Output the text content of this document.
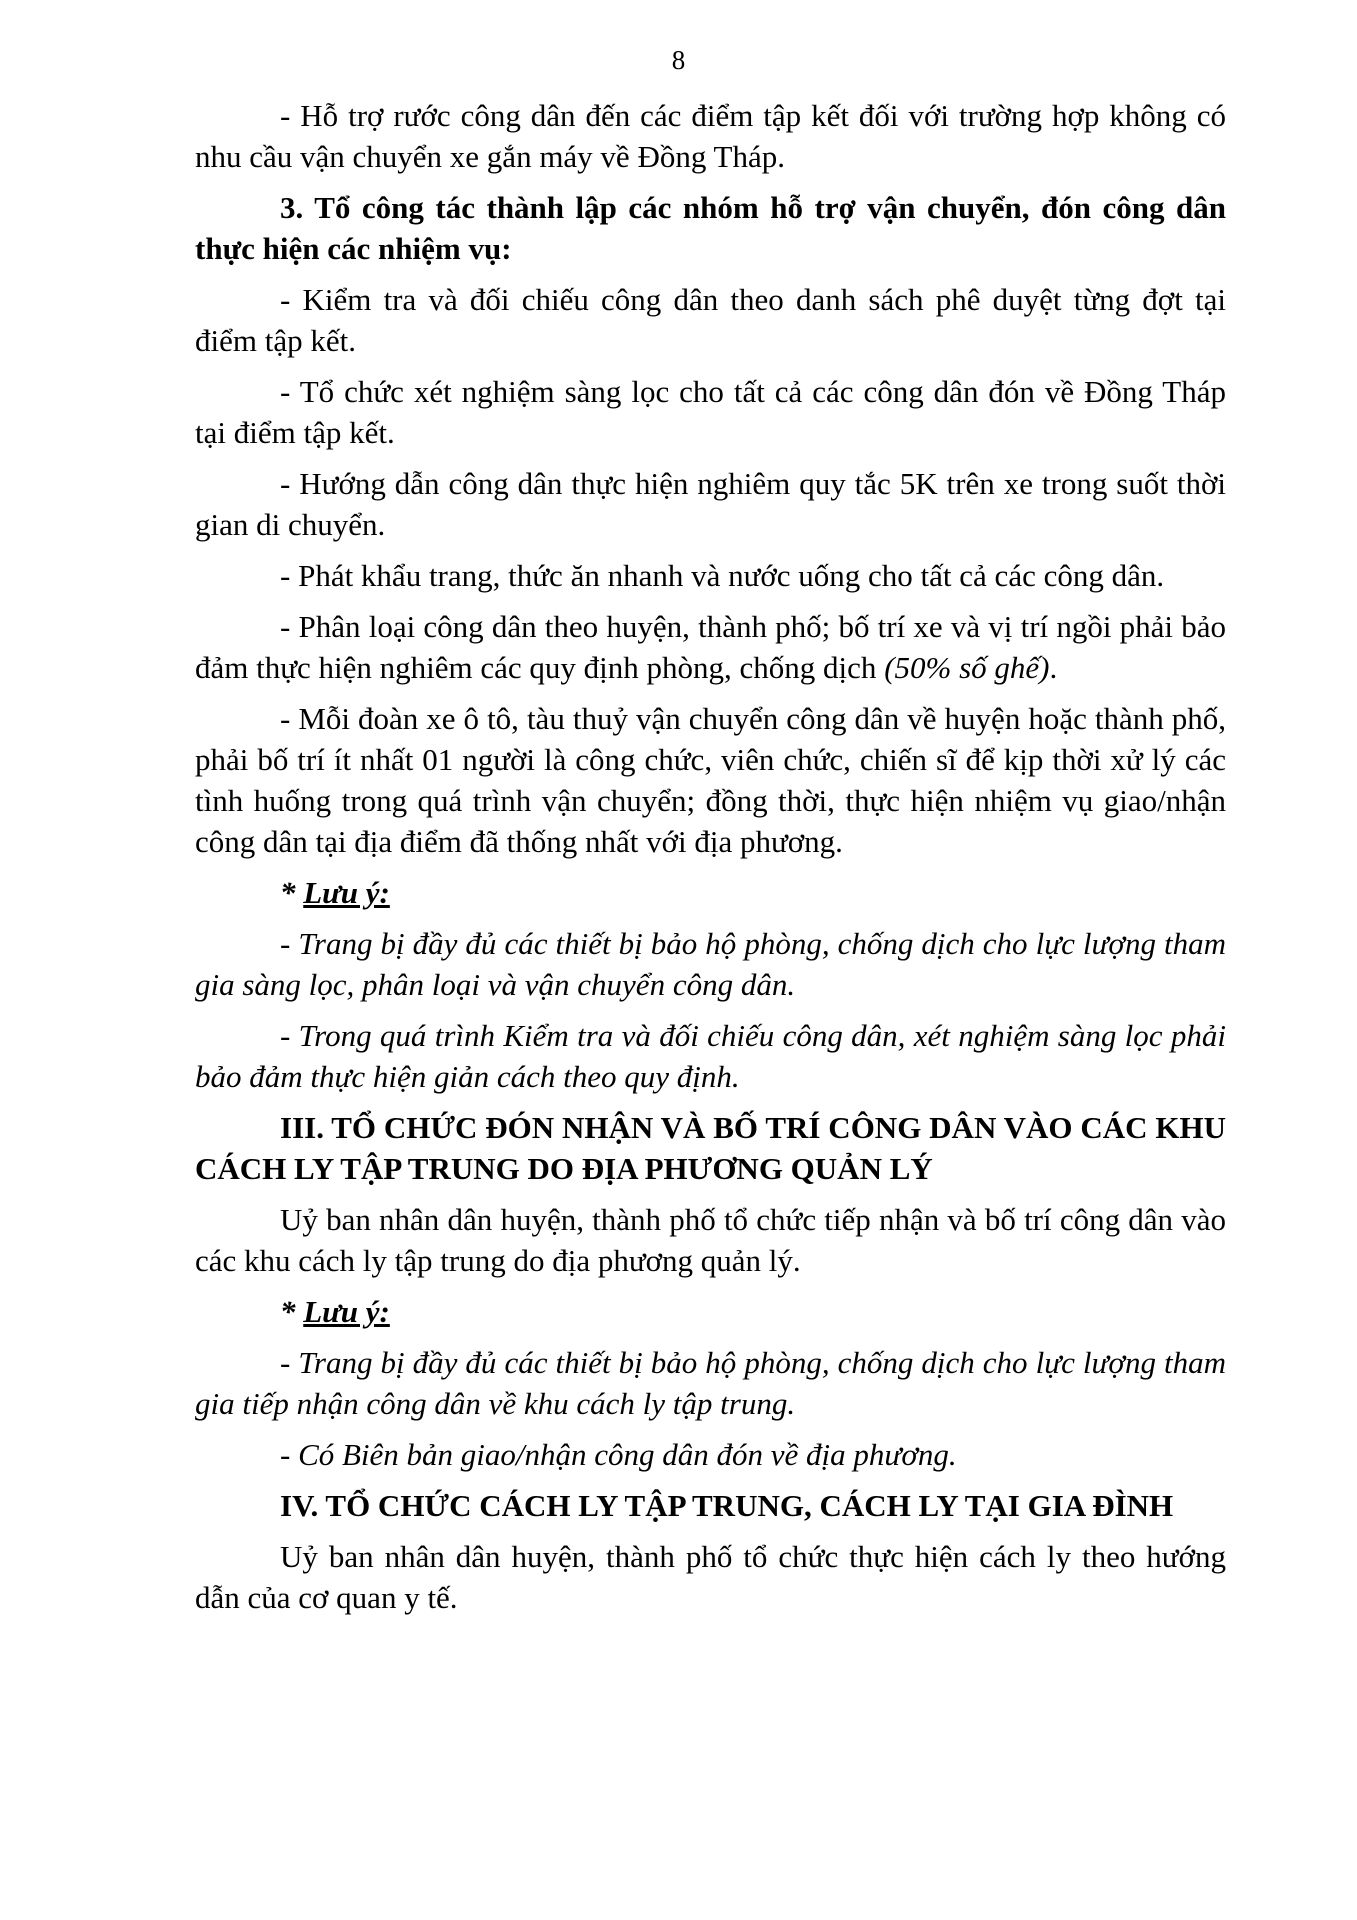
8

- Hỗ trợ rước công dân đến các điểm tập kết đối với trường hợp không có nhu cầu vận chuyển xe gắn máy về Đồng Tháp.

3. Tổ công tác thành lập các nhóm hỗ trợ vận chuyển, đón công dân thực hiện các nhiệm vụ:

- Kiểm tra và đối chiếu công dân theo danh sách phê duyệt từng đợt tại điểm tập kết.

- Tổ chức xét nghiệm sàng lọc cho tất cả các công dân đón về Đồng Tháp tại điểm tập kết.

- Hướng dẫn công dân thực hiện nghiêm quy tắc 5K trên xe trong suốt thời gian di chuyển.

- Phát khẩu trang, thức ăn nhanh và nước uống cho tất cả các công dân.

- Phân loại công dân theo huyện, thành phố; bố trí xe và vị trí ngồi phải bảo đảm thực hiện nghiêm các quy định phòng, chống dịch (50% số ghế).

- Mỗi đoàn xe ô tô, tàu thuỷ vận chuyển công dân về huyện hoặc thành phố, phải bố trí ít nhất 01 người là công chức, viên chức, chiến sĩ để kịp thời xử lý các tình huống trong quá trình vận chuyển; đồng thời, thực hiện nhiệm vụ giao/nhận công dân tại địa điểm đã thống nhất với địa phương.

* Lưu ý:

- Trang bị đầy đủ các thiết bị bảo hộ phòng, chống dịch cho lực lượng tham gia sàng lọc, phân loại và vận chuyển công dân.

- Trong quá trình Kiểm tra và đối chiếu công dân, xét nghiệm sàng lọc phải bảo đảm thực hiện giản cách theo quy định.

III. TỔ CHỨC ĐÓN NHẬN VÀ BỐ TRÍ CÔNG DÂN VÀO CÁC KHU CÁCH LY TẬP TRUNG DO ĐỊA PHƯƠNG QUẢN LÝ

Uỷ ban nhân dân huyện, thành phố tổ chức tiếp nhận và bố trí công dân vào các khu cách ly tập trung do địa phương quản lý.

* Lưu ý:

- Trang bị đầy đủ các thiết bị bảo hộ phòng, chống dịch cho lực lượng tham gia tiếp nhận công dân về khu cách ly tập trung.

- Có Biên bản giao/nhận công dân đón về địa phương.

IV. TỔ CHỨC CÁCH LY TẬP TRUNG, CÁCH LY TẠI GIA ĐÌNH

Uỷ ban nhân dân huyện, thành phố tổ chức thực hiện cách ly theo hướng dẫn của cơ quan y tế.
